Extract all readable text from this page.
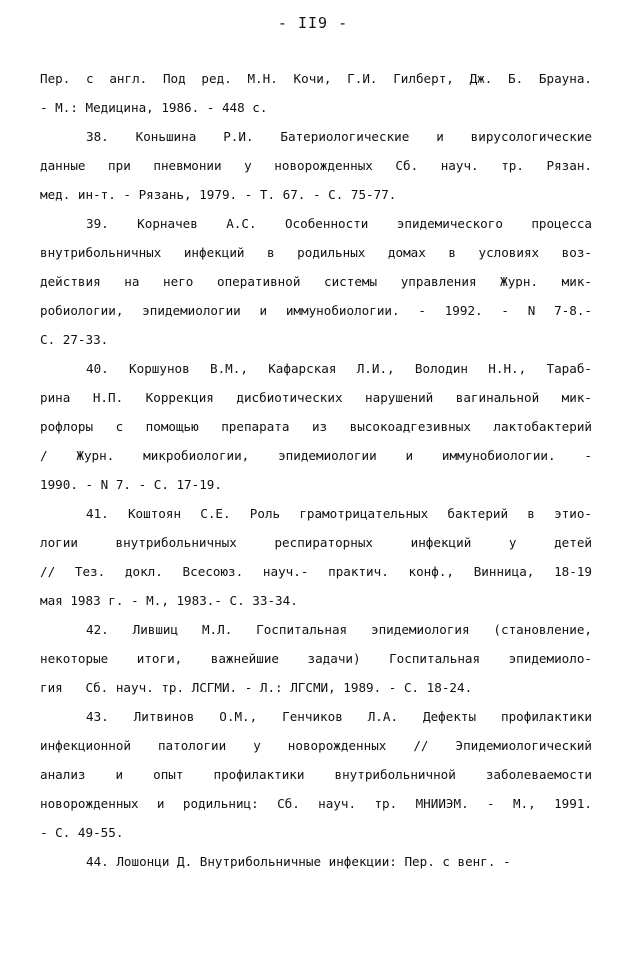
- II9 -
Пер. с англ. Под ред. М.Н. Кочи, Г.И. Гилберт, Дж. Б. Брауна.
- М.: Медицина, 1986. - 448 с.
38. Коньшина Р.И. Батериологические и вирусологические
данные при пневмонии у новорожденных Сб. науч. тр. Рязан.
мед. ин-т. - Рязань, 1979. - Т. 67. - С. 75-77.
39. Корначев А.С. Особенности эпидемического процесса
внутрибольничных инфекций в родильных домах в условиях воз-
действия на него оперативной системы управления Журн. мик-
робиологии, эпидемиологии и иммунобиологии. - 1992. - N 7-8.-
С. 27-33.
40. Коршунов В.М., Кафарская Л.И., Володин Н.Н., Тараб-
рина Н.П. Коррекция дисбиотических нарушений вагинальной мик-
рофлоры с помощью препарата из высокоадгезивных лактобактерий
/ Журн. микробиологии, эпидемиологии и иммунобиологии. -
1990. - N 7. - С. 17-19.
41. Коштоян С.Е. Роль грамотрицательных бактерий в этио-
логии внутрибольничных респираторных инфекций у детей
// Тез. докл. Всесоюз. науч.- практич. конф., Винница, 18-19
мая 1983 г. - М., 1983.- С. 33-34.
42. Лившиц М.Л. Госпитальная эпидемиология (становление,
некоторые итоги, важнейшие задачи) Госпитальная эпидемиоло-
гия   Сб. науч. тр. ЛСГМИ. - Л.: ЛГСМИ, 1989. - С. 18-24.
43. Литвинов О.М., Генчиков Л.А. Дефекты профилактики
инфекционной патологии у новорожденных // Эпидемиологический
анализ и опыт профилактики внутрибольничной заболеваемости
новорожденных и родильниц: Сб. науч. тр. МНИИЭМ. - М., 1991.
- С. 49-55.
44. Лошонци Д. Внутрибольничные инфекции: Пер. с венг. -
